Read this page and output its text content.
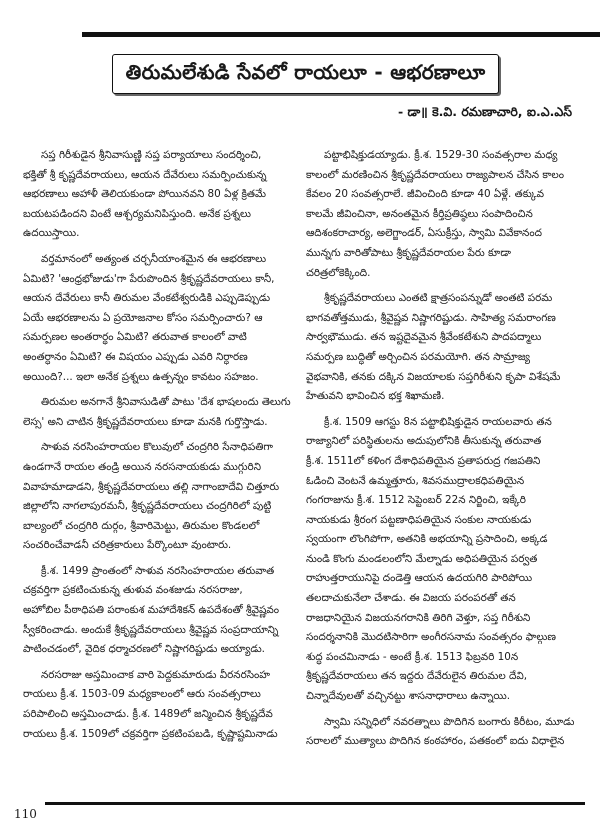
తిరుమలేశుడి సేవలో రాయలూ - ఆభరణాలూ
- డా॥ కె.వి. రమణాచారి, ఐ.ఎ.ఎస్
సప్త గిరీశుడైన శ్రీనివాసుణ్ణి సప్త పర్యాయాలు సందర్శించి,
భక్తితో శ్రీ కృష్ణదేవరాయలు, ఆయన దేవేరులు సమర్పించుకున్న
ఆభరణాలు అహాళీ తెలియకుండా పోయినవని 80 ఏళ్ల క్రితమే
బయటపడిందని వింటే ఆశ్చర్యమనిపిస్తుంది. అనేక ప్రశ్నలు
ఉదయిస్తాయి.
వర్తమానంలో అత్యంత చర్చనీయాంశమైన ఈ ఆభరణాలు
ఏమిటి? 'ఆంధ్రభోజుడు'గా పేరుపొందిన శ్రీకృష్ణదేవరాయలు కానీ,
ఆయన దేవేరులు కానీ తిరుమల వేంకటేశ్వరుడికి ఎప్పుడెప్పుడు
ఏయే ఆభరణాలను ఏ ప్రయోజనాల కోసం సమర్పించారు? ఆ
సమర్పణల అంతరార్థం ఏమిటి? తరువాత కాలంలో వాటి
అంతర్ధానం ఏమిటి? ఈ విషయం ఎప్పుడు ఎవరి నిర్ధారణ
అయింది?... ఇలా అనేక ప్రశ్నలు ఉత్పన్నం కావటం సహజం.
తిరుమల అనగానే శ్రీనివాసుడితో పాటు 'దేశ భాషలందు తెలుగు
లెస్స' అని చాటిన శ్రీకృష్ణదేవరాయలు కూడా మనకి గుర్తొస్తాడు.
సాళువ నరసింహరాయల కొలువులో చంద్రగిరి సేనాధిపతిగా
ఉండగానే రాయల తండ్రి అయిన నరసనాయకుడు ముగ్గురిని
వివాహమాడాడని, శ్రీకృష్ణదేవరాయలు తల్లి నాగాంబాదేవి చిత్తూరు
జిల్లాలోని నాగలాపురమనీ, శ్రీకృష్ణదేవరాయలు చంద్రగిరిలో పుట్టి
బాల్యంలో చంద్రగిరి దుర్గం, శ్రీవారిమెట్టు, తిరుమల కొండలలో
సంచరించేవాడనీ చరిత్రకారులు పేర్కొంటూ వుంటారు.
క్రీ.శ. 1499 ప్రాంతంలో సాళువ నరసింహరాయల తరువాత
చక్రవర్తిగా ప్రకటించుకున్న తుళువ వంశజుడు నరసరాజు,
అహోబిల పీఠాధిపతి పరాంకుశ మహాదేశికన్ ఉపదేశంతో శ్రీవైష్ణవం
స్వీకరించాడు. అందుకే శ్రీకృష్ణదేవరాయలు శ్రీవైష్ణవ సంప్రదాయాన్ని
పాటించడంలో, వైదిక ధర్మాచరణలో నిష్ణాగరిష్టుడు అయ్యాడు.
నరసరాజు అస్తమించాక వారి పెద్దకుమారుడు వీరనరసింహ
రాయలు క్రీ.శ. 1503-09 మధ్యకాలంలో ఆరు సంవత్సరాలు
పరిపాలించి అస్తమించాడు. క్రీ.శ. 1489లో జన్మించిన శ్రీకృష్ణదేవ
రాయలు క్రీ.శ. 1509లో చక్రవర్తిగా ప్రకటింపబడి, కృష్ణాష్టమినాడు
పట్టాభిషిక్తుడయ్యాడు. క్రీ.శ. 1529-30 సంవత్సరాల మధ్య
కాలంలో మరణించిన శ్రీకృష్ణదేవరాయలు రాజ్యపాలన చేసిన కాలం
కేవలం 20 సంవత్సరాలే. జీవించింది కూడా 40 ఏళ్లే. తక్కువ
కాలమే జీవించినా, అనంతమైన కీర్తిప్రతిష్ఠలు సంపాదించిన
ఆదిశంకరాచార్య, అలెగ్జాండర్, ఏసుక్రీస్తు, స్వామి వివేకానంద
మున్నగు వారితోపాటు శ్రీకృష్ణదేవరాయల పేరు కూడా
చరిత్రలోకెక్కింది.
శ్రీకృష్ణదేవరాయలు ఎంతటి క్షాత్రసంపన్నుడో అంతటి పరమ
భాగవతోత్తముడు, శ్రీవైష్ణవ నిష్ణాగరిష్టుడు. సాహిత్య సమరాంగణ
సార్వభౌముడు. తన ఇష్టదైవమైన శ్రీవేంకటేశుని పాదపద్మాలు
సమర్పణ బుద్ధితో అర్చించిన పరమయోగి. తన సామ్రాజ్య
వైభవానికి, తనకు దక్కిన విజయాలకు సప్తగిరీశుని కృపా విశేషమే
హేతువని భావించిన భక్త శిఖామణి.
క్రీ.శ. 1509 ఆగస్టు 8న పట్టాభిషిక్తుడైన రాయలవారు తన
రాజ్యానిలో పరిస్థితులను అదుపులోనికి తీసుకున్న తరువాత
క్రీ.శ. 1511లో కళింగ దేశాధిపతియైన ప్రతాపరుద్ర గజపతిని
ఓడించి వెంటనే ఉమ్మత్తూరు, శివసముద్రాలకధిపతియైన
గంగరాజును క్రీ.శ. 1512 సెప్టెంబర్ 22న నిర్జించి, ఇక్కేరి
నాయకుడు శ్రీరంగ పట్టణాధిపతియైన సంకుల నాయకుడు
స్వయంగా లొంగిపోగా, అతనికి అభయాన్ని ప్రసాదించి, అక్కడ
నుండి కొంగు మండలంలోని మేల్నాడు అధిపతియైన పర్వత
రాహుత్తరాయునిపై దండెత్తి ఆయన ఉదయగిరి పారిపోయి
తలదాచుకునేలా చేశాడు. ఈ విజయ పరంపరతో తన
రాజధానియైన విజయనగరానికి తిరిగి వెళ్తూ, సప్త గిరీశుని
సందర్శనానికి మొదటిసారిగా అంగీరసనామ సంవత్సరం ఫాల్గుణ
శుద్ధ పంచమినాడు - అంటే క్రీ.శ. 1513 ఫిబ్రవరి 10న
శ్రీకృష్ణదేవరాయలు తన ఇద్దరు దేవేరులైన తిరుమల దేవి,
చిన్నాదేవులతో వచ్చినట్టు శాసనాధారాలు ఉన్నాయి.
స్వామి సన్నిధిలో నవరత్నాలు పొదిగిన బంగారు కిరీటం, మూడు
సరాలలో ముత్యాలు పొదిగిన కంఠహారం, పతకంలో ఐదు విధాలైన
110
